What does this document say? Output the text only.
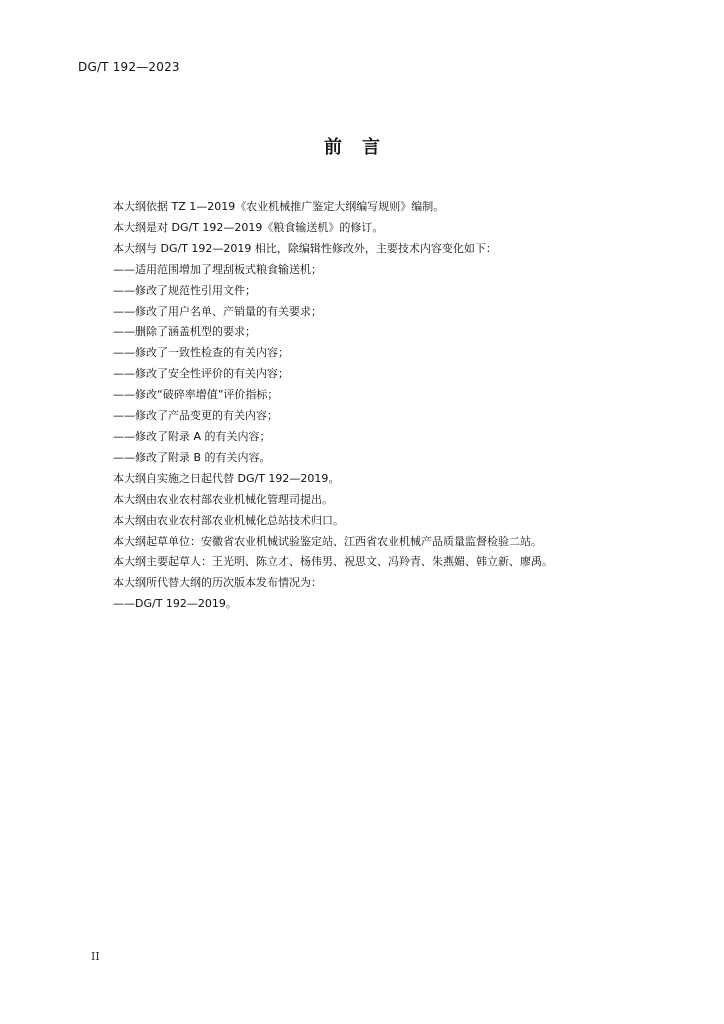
DG/T 192—2023
前言
本大纲依据 TZ 1—2019《农业机械推广鉴定大纲编写规则》编制。
本大纲是对 DG/T 192—2019《粮食输送机》的修订。
本大纲与 DG/T 192—2019 相比，除编辑性修改外，主要技术内容变化如下：
——适用范围增加了埋刮板式粮食输送机；
——修改了规范性引用文件；
——修改了用户名单、产销量的有关要求；
——删除了涵盖机型的要求；
——修改了一致性检查的有关内容；
——修改了安全性评价的有关内容；
——修改“破碎率增值”评价指标；
——修改了产品变更的有关内容；
——修改了附录 A 的有关内容；
——修改了附录 B 的有关内容。
本大纲自实施之日起代替 DG/T 192—2019。
本大纲由农业农村部农业机械化管理司提出。
本大纲由农业农村部农业机械化总站技术归口。
本大纲起草单位：安徽省农业机械试验鉴定站、江西省农业机械产品质量监督检验二站。
本大纲主要起草人：王光明、陈立才、杨伟男、祝思文、冯羚青、朱燕媚、韩立新、廖禹。
本大纲所代替大纲的历次版本发布情况为：
——DG/T 192—2019。
II
